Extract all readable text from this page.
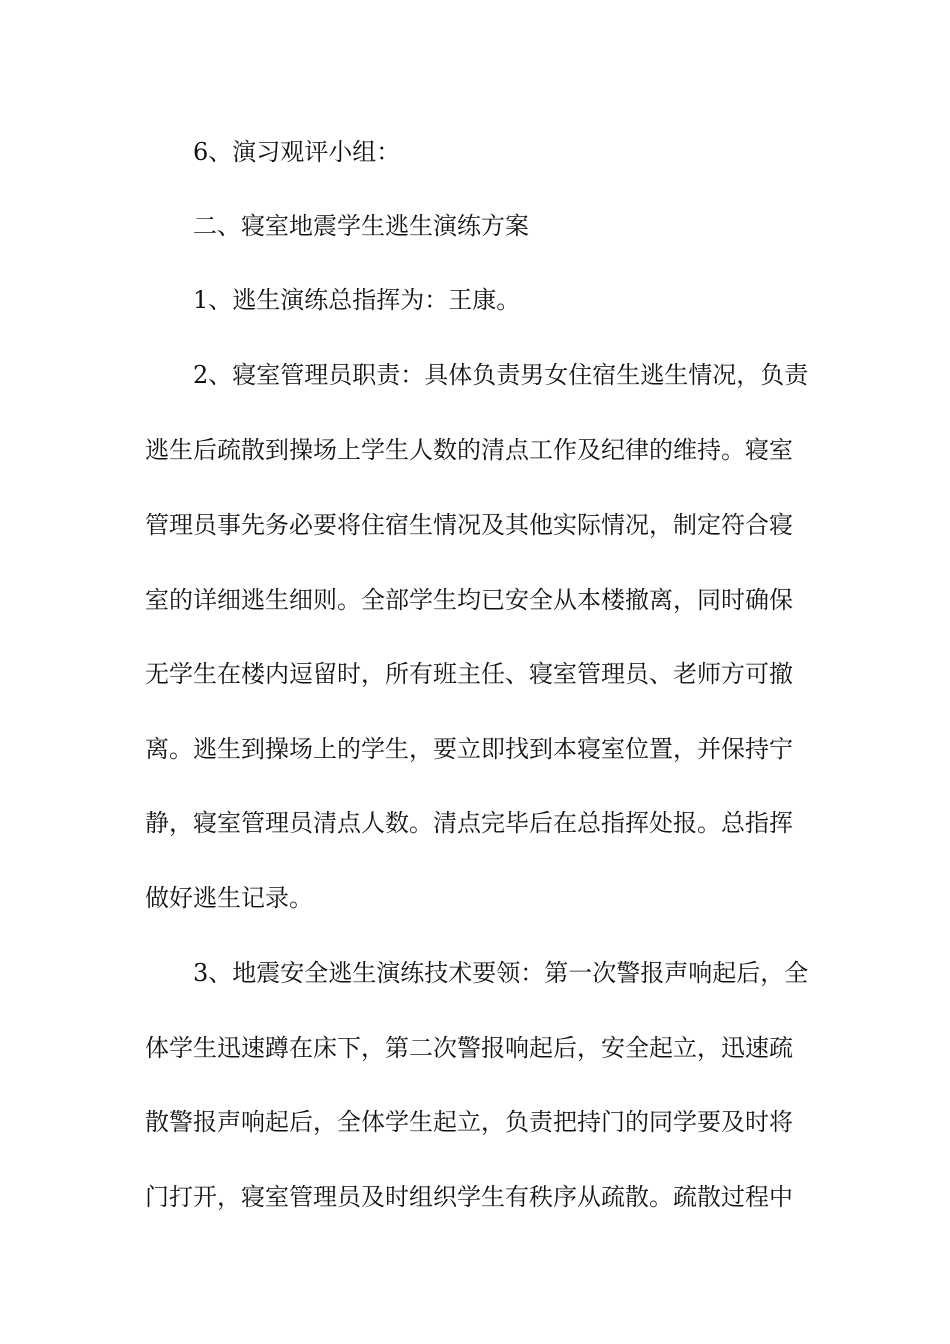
6、演习观评小组：
二、寝室地震学生逃生演练方案
1、逃生演练总指挥为：王康。
2、寝室管理员职责：具体负责男女住宿生逃生情况，负责
逃生后疏散到操场上学生人数的清点工作及纪律的维持。寝室
管理员事先务必要将住宿生情况及其他实际情况，制定符合寝
室的详细逃生细则。全部学生均已安全从本楼撤离，同时确保
无学生在楼内逗留时，所有班主任、寝室管理员、老师方可撤
离。逃生到操场上的学生，要立即找到本寝室位置，并保持宁
静，寝室管理员清点人数。清点完毕后在总指挥处报。总指挥
做好逃生记录。
3、地震安全逃生演练技术要领：第一次警报声响起后，全
体学生迅速蹲在床下，第二次警报响起后，安全起立，迅速疏
散警报声响起后，全体学生起立，负责把持门的同学要及时将
门打开，寝室管理员及时组织学生有秩序从疏散。疏散过程中
